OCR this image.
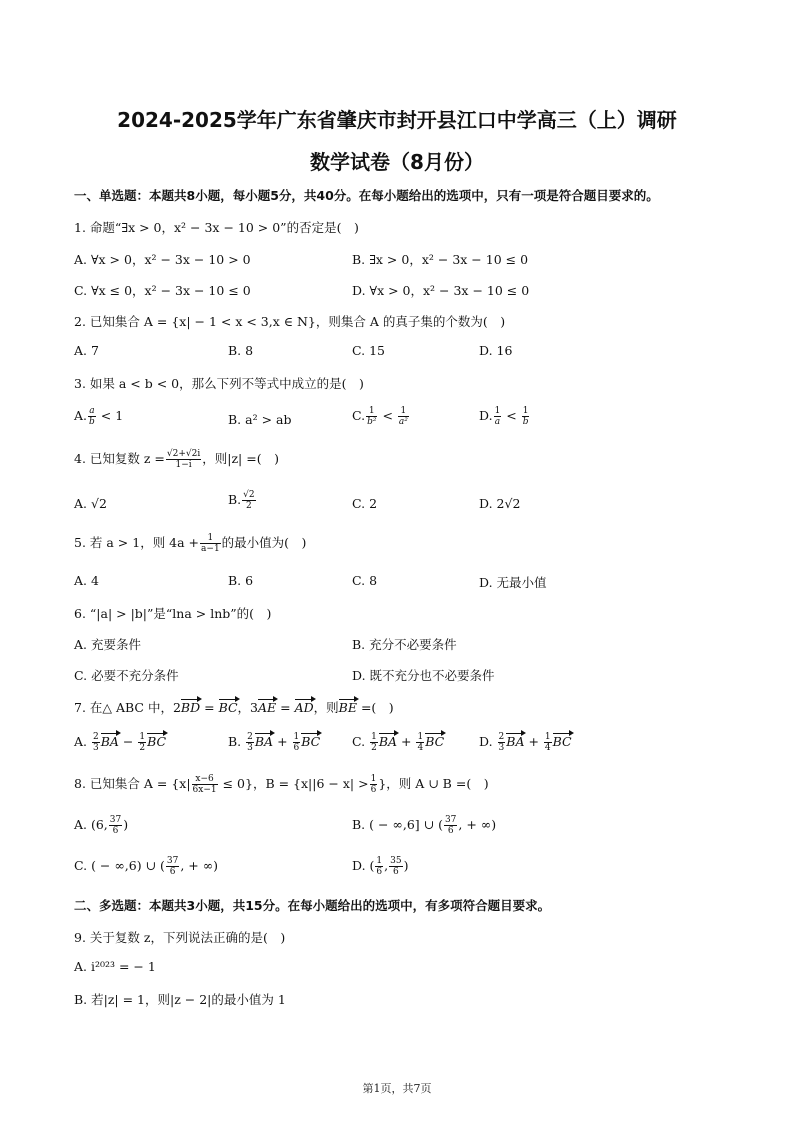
2024-2025学年广东省肇庆市封开县江口中学高三（上）调研
数学试卷（8月份）
一、单选题：本题共8小题，每小题5分，共40分。在每小题给出的选项中，只有一项是符合题目要求的。
1. 命题“∃x > 0，x² − 3x − 10 > 0”的否定是(　)
A. ∀x > 0，x² − 3x − 10 > 0	B. ∃x > 0，x² − 3x − 10 ≤ 0
C. ∀x ≤ 0，x² − 3x − 10 ≤ 0	D. ∀x > 0，x² − 3x − 10 ≤ 0
2. 已知集合 A = {x| − 1 < x < 3,x ∈ N}，则集合 A 的真子集的个数为(　)
A. 7	B. 8	C. 15	D. 16
3. 如果 a < b < 0，那么下列不等式中成立的是(　)
A. $\frac{a}{b} < 1$	B. a² > ab	C. $\frac{1}{\text{b²}} < \frac{1}{\text{a²}}$	D. $\frac{1}{a} < \frac{1}{b}$
4. 已知复数 $z = \frac{√2+√2i}{1-i}$ ，则|z| =(　)
A. √2	B. $\frac{√2}{2}$	C. 2	D. 2√2
5. 若 a > 1，则 $4a + \frac{1}{a-1}$ 的最小值为(　)
A. 4	B. 6	C. 8	D. 无最小值
6. “|a| > |b|”是“lna > lnb”的(　)
A. 充要条件	B. 充分不必要条件
C. 必要不充分条件	D. 既不充分也不必要条件
7. 在△ ABC 中，2BD = BC，3AE = AD，则BE =(　)
A. $\frac{2}{3}$ BA − $\frac{1}{2}$ BC	B. $\frac{2}{3}$ BA + $\frac{1}{6}$ BC	C. $\frac{1}{2}$ BA + $\frac{1}{4}$ BC	D. $\frac{2}{3}$ BA + $\frac{1}{4}$ BC
8. 已知集合 $A = \{x| \frac{x-6}{6x-1} \le 0\}$，$B = \{x||6 - x| > \frac{1}{6}$ }，则 A ∪ B =(　)
A. (6, $\frac{37}{6}$ )	B. ( − ∞,6] ∪ ( $\frac{37}{6}$ , + ∞)
C. ( − ∞,6) ∪ ( $\frac{37}{6}$ , + ∞)	D. ( $\frac{1}{6}$ , $\frac{35}{6}$ )
二、多选题：本题共3小题，共15分。在每小题给出的选项中，有多项符合题目要求。
9. 关于复数 z，下列说法正确的是(　)
A. i²⁰²³ = − 1
B. 若|z| = 1，则|z − 2|的最小值为 1
第1页，共7页
